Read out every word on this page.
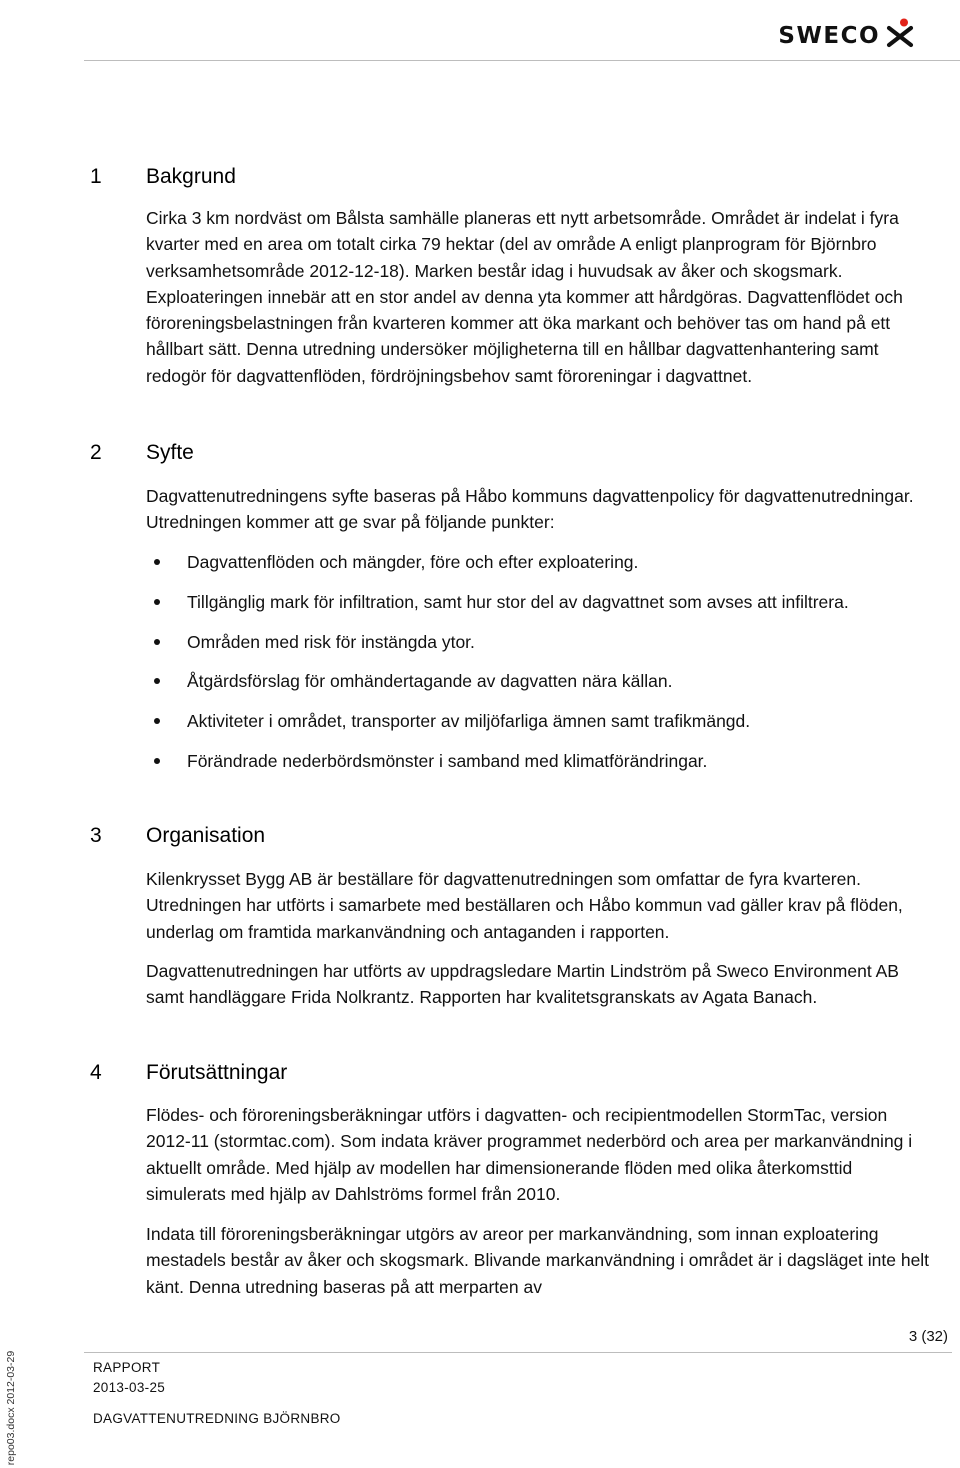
SWECO
1 Bakgrund

Cirka 3 km nordväst om Bålsta samhälle planeras ett nytt arbetsområde. Området är indelat i fyra kvarter med en area om totalt cirka 79 hektar (del av område A enligt planprogram för Björnbro verksamhetsområde 2012-12-18). Marken består idag i huvudsak av åker och skogsmark. Exploateringen innebär att en stor andel av denna yta kommer att hårdgöras. Dagvattenflödet och föroreningsbelastningen från kvarteren kommer att öka markant och behöver tas om hand på ett hållbart sätt. Denna utredning undersöker möjligheterna till en hållbar dagvattenhantering samt redogör för dagvattenflöden, fördröjningsbehov samt föroreningar i dagvattnet.

2 Syfte

Dagvattenutredningens syfte baseras på Håbo kommuns dagvattenpolicy för dagvattenutredningar. Utredningen kommer att ge svar på följande punkter:

Dagvattenflöden och mängder, före och efter exploatering.
Tillgänglig mark för infiltration, samt hur stor del av dagvattnet som avses att infiltrera.
Områden med risk för instängda ytor.
Åtgärdsförslag för omhändertagande av dagvatten nära källan.
Aktiviteter i området, transporter av miljöfarliga ämnen samt trafikmängd.
Förändrade nederbördsmönster i samband med klimatförändringar.
3 Organisation

Kilenkrysset Bygg AB är beställare för dagvattenutredningen som omfattar de fyra kvarteren. Utredningen har utförts i samarbete med beställaren och Håbo kommun vad gäller krav på flöden, underlag om framtida markanvändning och antaganden i rapporten.

Dagvattenutredningen har utförts av uppdragsledare Martin Lindström på Sweco Environment AB samt handläggare Frida Nolkrantz. Rapporten har kvalitetsgranskats av Agata Banach.

4 Förutsättningar

Flödes- och föroreningsberäkningar utförs i dagvatten- och recipientmodellen StormTac, version 2012-11 (stormtac.com). Som indata kräver programmet nederbörd och area per markanvändning i aktuellt område. Med hjälp av modellen har dimensionerande flöden med olika återkomsttid simulerats med hjälp av Dahlströms formel från 2010.

Indata till föroreningsberäkningar utgörs av areor per markanvändning, som innan exploatering mestadels består av åker och skogsmark. Blivande markanvändning i området är i dagsläget inte helt känt. Denna utredning baseras på att merparten av

3 (32)
RAPPORT
2013-03-25
DAGVATTENUTREDNING BJÖRNBRO
repo03.docx 2012-03-29
